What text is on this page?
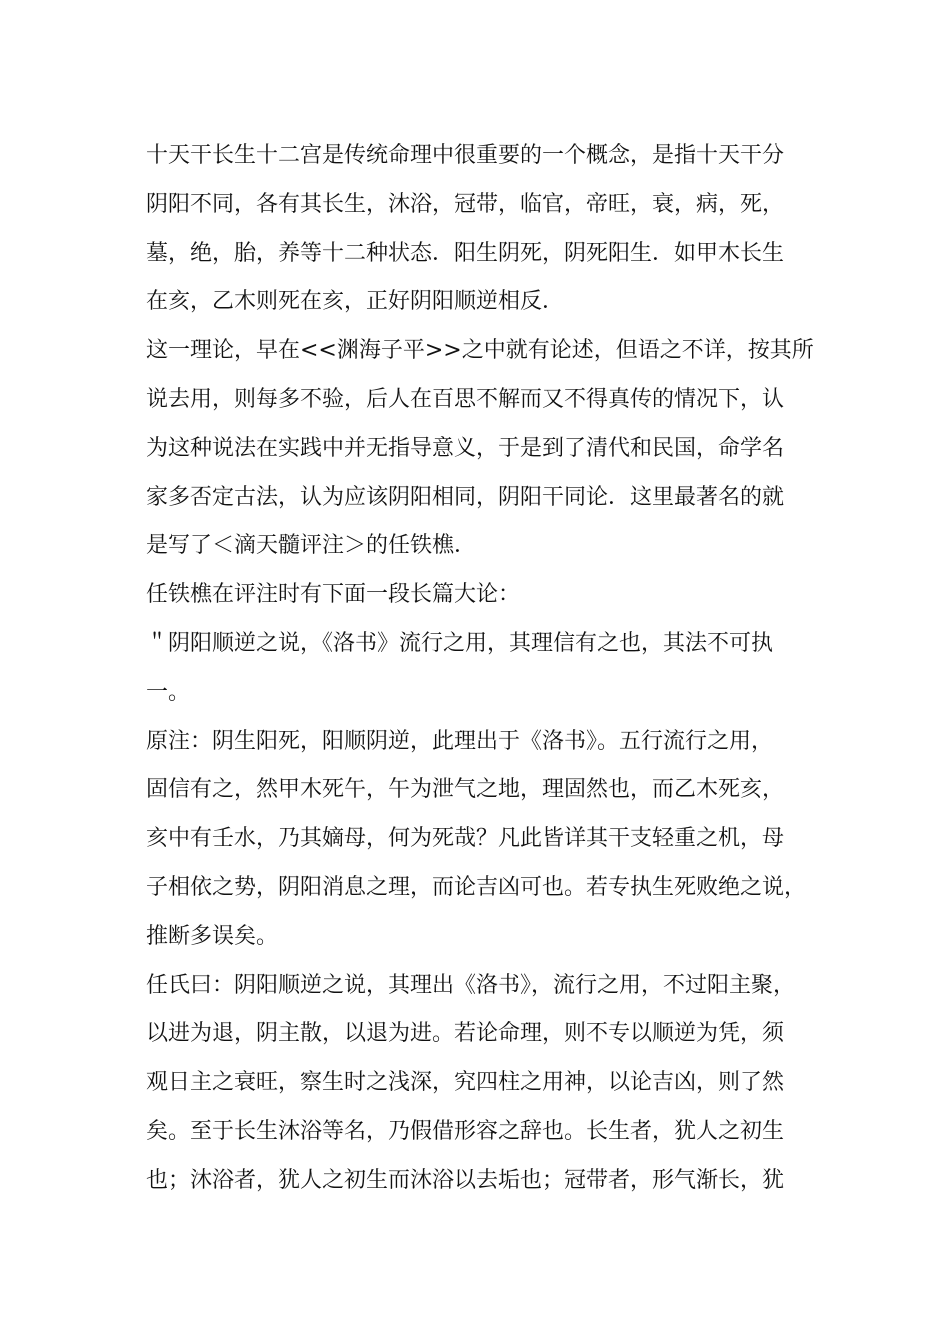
十天干长生十二宫是传统命理中很重要的一个概念，是指十天干分
阴阳不同，各有其长生，沐浴，冠带，临官，帝旺，衰，病，死，
墓，绝，胎，养等十二种状态．阳生阴死，阴死阳生．如甲木长生
在亥，乙木则死在亥，正好阴阳顺逆相反．
这一理论，早在<<渊海子平>>之中就有论述，但语之不详，按其所
说去用，则每多不验，后人在百思不解而又不得真传的情况下，认
为这种说法在实践中并无指导意义，于是到了清代和民国，命学名
家多否定古法，认为应该阴阳相同，阴阳干同论．这里最著名的就
是写了＜滴天髓评注＞的任铁樵．
任铁樵在评注时有下面一段长篇大论：
＂阴阳顺逆之说，《洛书》流行之用，其理信有之也，其法不可执
一。
原注：阴生阳死，阳顺阴逆，此理出于《洛书》。五行流行之用，
固信有之，然甲木死午，午为泄气之地，理固然也，而乙木死亥，
亥中有壬水，乃其嫡母，何为死哉？凡此皆详其干支轻重之机，母
子相依之势，阴阳消息之理，而论吉凶可也。若专执生死败绝之说，
推断多误矣。
任氏曰：阴阳顺逆之说，其理出《洛书》，流行之用，不过阳主聚，
以进为退，阴主散，以退为进。若论命理，则不专以顺逆为凭，须
观日主之衰旺，察生时之浅深，究四柱之用神，以论吉凶，则了然
矣。至于长生沐浴等名，乃假借形容之辞也。长生者，犹人之初生
也；沐浴者，犹人之初生而沐浴以去垢也；冠带者，形气渐长，犹
